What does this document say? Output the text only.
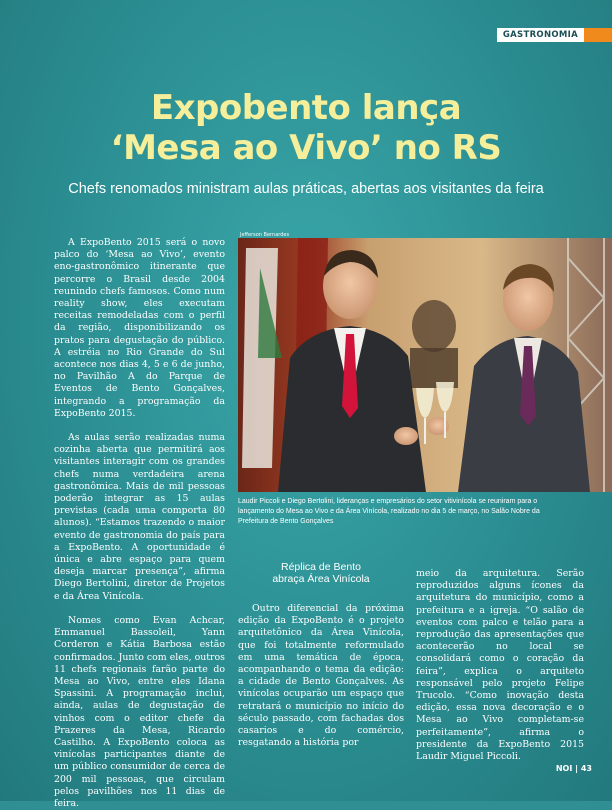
GASTRONOMIA
Expobento lança
‘Mesa ao Vivo’ no RS
Chefs renomados ministram aulas práticas, abertas aos visitantes da feira

A ExpoBento 2015 será o novo palco do ‘Mesa ao Vivo’, evento eno-gastronômico itinerante que percorre o Brasil desde 2004 reunindo chefs famosos. Como num reality show, eles executam receitas remodeladas com o perfil da região, disponibilizando os pratos para degustação do público. A estréia no Rio Grande do Sul acontece nos dias 4, 5 e 6 de junho, no Pavilhão A do Parque de Eventos de Bento Gonçalves, integrando a programação da ExpoBento 2015.

As aulas serão realizadas numa cozinha aberta que permitirá aos visitantes interagir com os grandes chefs numa verdadeira arena gastronômica. Mais de mil pessoas poderão integrar as 15 aulas previstas (cada uma comporta 80 alunos). “Estamos trazendo o maior evento de gastronomia do país para a ExpoBento. A oportunidade é única e abre espaço para quem deseja marcar presença”, afirma Diego Bertolini, diretor de Projetos e da Área Vinícola.

Nomes como Evan Achcar, Emmanuel Bassoleil, Yann Corderon e Kátia Barbosa estão confirmados. Junto com eles, outros 11 chefs regionais farão parte do Mesa ao Vivo, entre eles Idana Spassini. A programação inclui, ainda, aulas de degustação de vinhos com o editor chefe da Prazeres da Mesa, Ricardo Castilho. A ExpoBento coloca as vinícolas participantes diante de um público consumidor de cerca de 200 mil pessoas, que circulam pelos pavilhões nos 11 dias de feira.

Jefferson Bernardes
Laudir Piccoli e Diego Bertolini, lideranças e empresários do setor vitivinícola se reuniram para o lançamento do Mesa ao Vivo e da Área Vinícola, realizado no dia 5 de março, no Salão Nobre da Prefeitura de Bento Gonçalves
Réplica de Bento
abraça Área Vinícola

Outro diferencial da próxima edição da ExpoBento é o projeto arquitetônico da Área Vinícola, que foi totalmente reformulado em uma temática de época, acompanhando o tema da edição: a cidade de Bento Gonçalves. As vinícolas ocuparão um espaço que retratará o município no início do século passado, com fachadas dos casarios e do comércio, resgatando a história por

meio da arquitetura. Serão reproduzidos alguns ícones da arquitetura do município, como a prefeitura e a igreja. “O salão de eventos com palco e telão para a reprodução das apresentações que acontecerão no local se consolidará como o coração da feira”, explica o arquiteto responsável pelo projeto Felipe Trucolo. “Como inovação desta edição, essa nova decoração e o Mesa ao Vivo completam-se perfeitamente”, afirma o presidente da ExpoBento 2015 Laudir Miguel Piccoli.

NOI | 43
